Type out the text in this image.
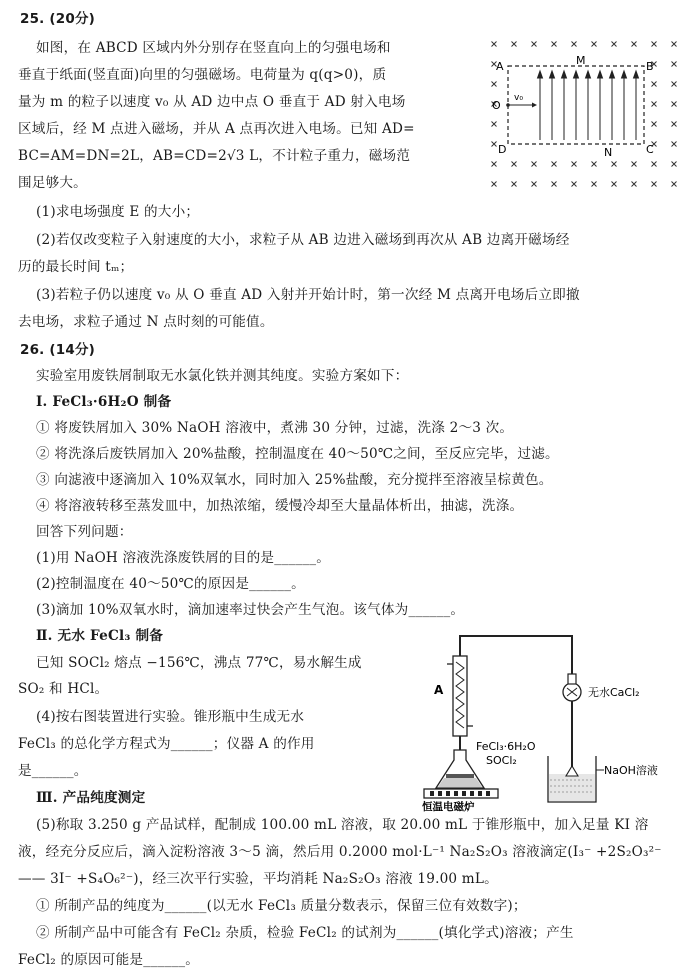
25. (20分)
如图，在 ABCD 区域内外分别存在竖直向上的匀强电场和
垂直于纸面(竖直面)向里的匀强磁场。电荷量为 q(q>0)，质
量为 m 的粒子以速度 v₀ 从 AD 边中点 O 垂直于 AD 射入电场
区域后，经 M 点进入磁场，并从 A 点再次进入电场。已知 AD=
BC=AM=DN=2L，AB=CD=2√3 L，不计粒子重力，磁场范
围足够大。
O
v₀
A	B
C
D
M
N
(1)求电场强度 E 的大小；
(2)若仅改变粒子入射速度的大小，求粒子从 AB 边进入磁场到再次从 AB 边离开磁场经
历的最长时间 tₘ；
(3)若粒子仍以速度 v₀ 从 O 垂直 AD 入射并开始计时，第一次经 M 点离开电场后立即撤
去电场，求粒子通过 N 点时刻的可能值。
26. (14分)
实验室用废铁屑制取无水氯化铁并测其纯度。实验方案如下：
Ⅰ. FeCl₃·6H₂O 制备
① 将废铁屑加入 30% NaOH 溶液中，煮沸 30 分钟，过滤，洗涤 2～3 次。
② 将洗涤后废铁屑加入 20%盐酸，控制温度在 40～50℃之间，至反应完毕，过滤。
③ 向滤液中逐滴加入 10%双氧水，同时加入 25%盐酸，充分搅拌至溶液呈棕黄色。
④ 将溶液转移至蒸发皿中，加热浓缩，缓慢冷却至大量晶体析出，抽滤，洗涤。
回答下列问题：
(1)用 NaOH 溶液洗涤废铁屑的目的是______。
(2)控制温度在 40～50℃的原因是______。
(3)滴加 10%双氧水时，滴加速率过快会产生气泡。该气体为______。
Ⅱ. 无水 FeCl₃ 制备
已知 SOCl₂ 熔点 −156℃，沸点 77℃，易水解生成
SO₂ 和 HCl。
(4)按右图装置进行实验。锥形瓶中生成无水
FeCl₃ 的总化学方程式为______；仪器 A 的作用
是______。
Ⅲ. 产品纯度测定
A
恒温电磁炉
FeCl₃·6H₂O
SOCl₂
无水CaCl₂
NaOH溶液
(5)称取 3.250 g 产品试样，配制成 100.00 mL 溶液，取 20.00 mL 于锥形瓶中，加入足量 KI 溶
液，经充分反应后，滴入淀粉溶液 3～5 滴，然后用 0.2000 mol·L⁻¹ Na₂S₂O₃ 溶液滴定(I₃⁻ +2S₂O₃²⁻
—— 3I⁻ +S₄O₆²⁻)，经三次平行实验，平均消耗 Na₂S₂O₃ 溶液 19.00 mL。
① 所制产品的纯度为______(以无水 FeCl₃ 质量分数表示，保留三位有效数字)；
② 所制产品中可能含有 FeCl₂ 杂质，检验 FeCl₂ 的试剂为______(填化学式)溶液；产生
FeCl₂ 的原因可能是______。
